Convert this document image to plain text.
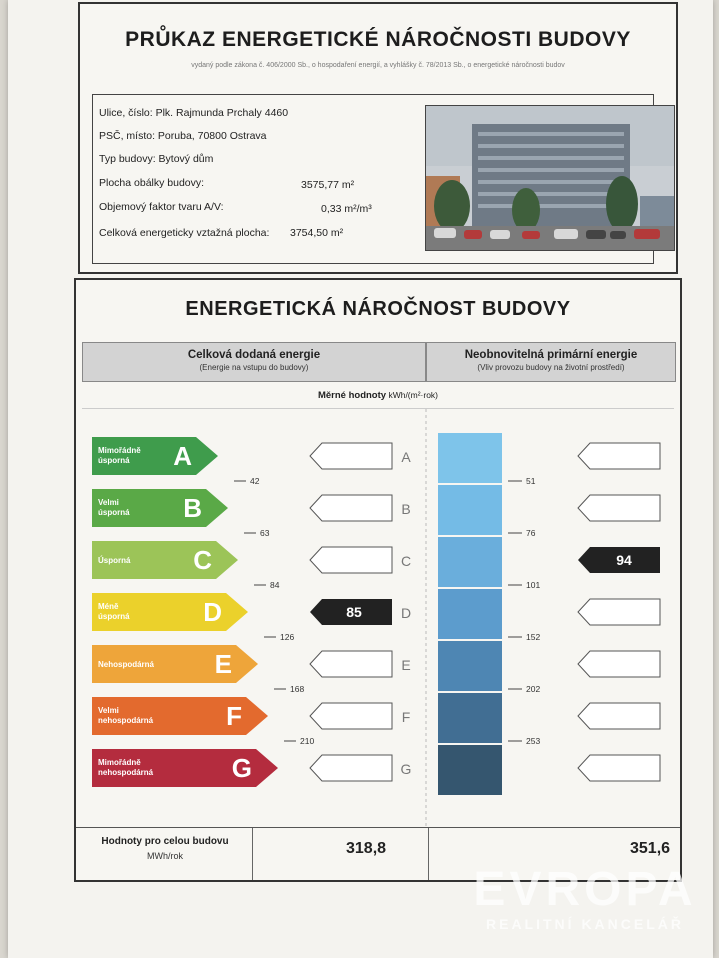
PRŮKAZ ENERGETICKÉ NÁROČNOSTI BUDOVY
vydaný podle zákona č. 406/2000 Sb., o hospodaření energií, a vyhlášky č. 78/2013 Sb., o energetické náročnosti budov
Ulice, číslo: Plk. Rajmunda Prchaly 4460
PSČ, místo: Poruba, 70800 Ostrava
Typ budovy: Bytový dům
Plocha obálky budovy:	3575,77 m²
Objemový faktor tvaru A/V:	0,33 m²/m³
Celková energeticky vztažná plocha: 3754,50 m²
ENERGETICKÁ NÁROČNOST BUDOVY
Celková dodaná energie
(Energie na vstupu do budovy)
Neobnovitelná primární energie
(Vliv provozu budovy na životní prostředí)
Měrné hodnoty kWh/(m²·rok)
Mimořádně
úsporná A	A
Velmi
úsporná B	B
Úsporná C	C	94
Méně
úsporná	D	85	D
Nehospodárná E	E
Velmi
nehospodárná	F	F
Mimořádně
nehospodárná	G	G
42
63
84
126
168
210
51
76
101
152
202
253
Hodnoty pro celou budovu
MWh/rok	318,8	351,6
EVROPA
REALITNÍ KANCELÁŘ
